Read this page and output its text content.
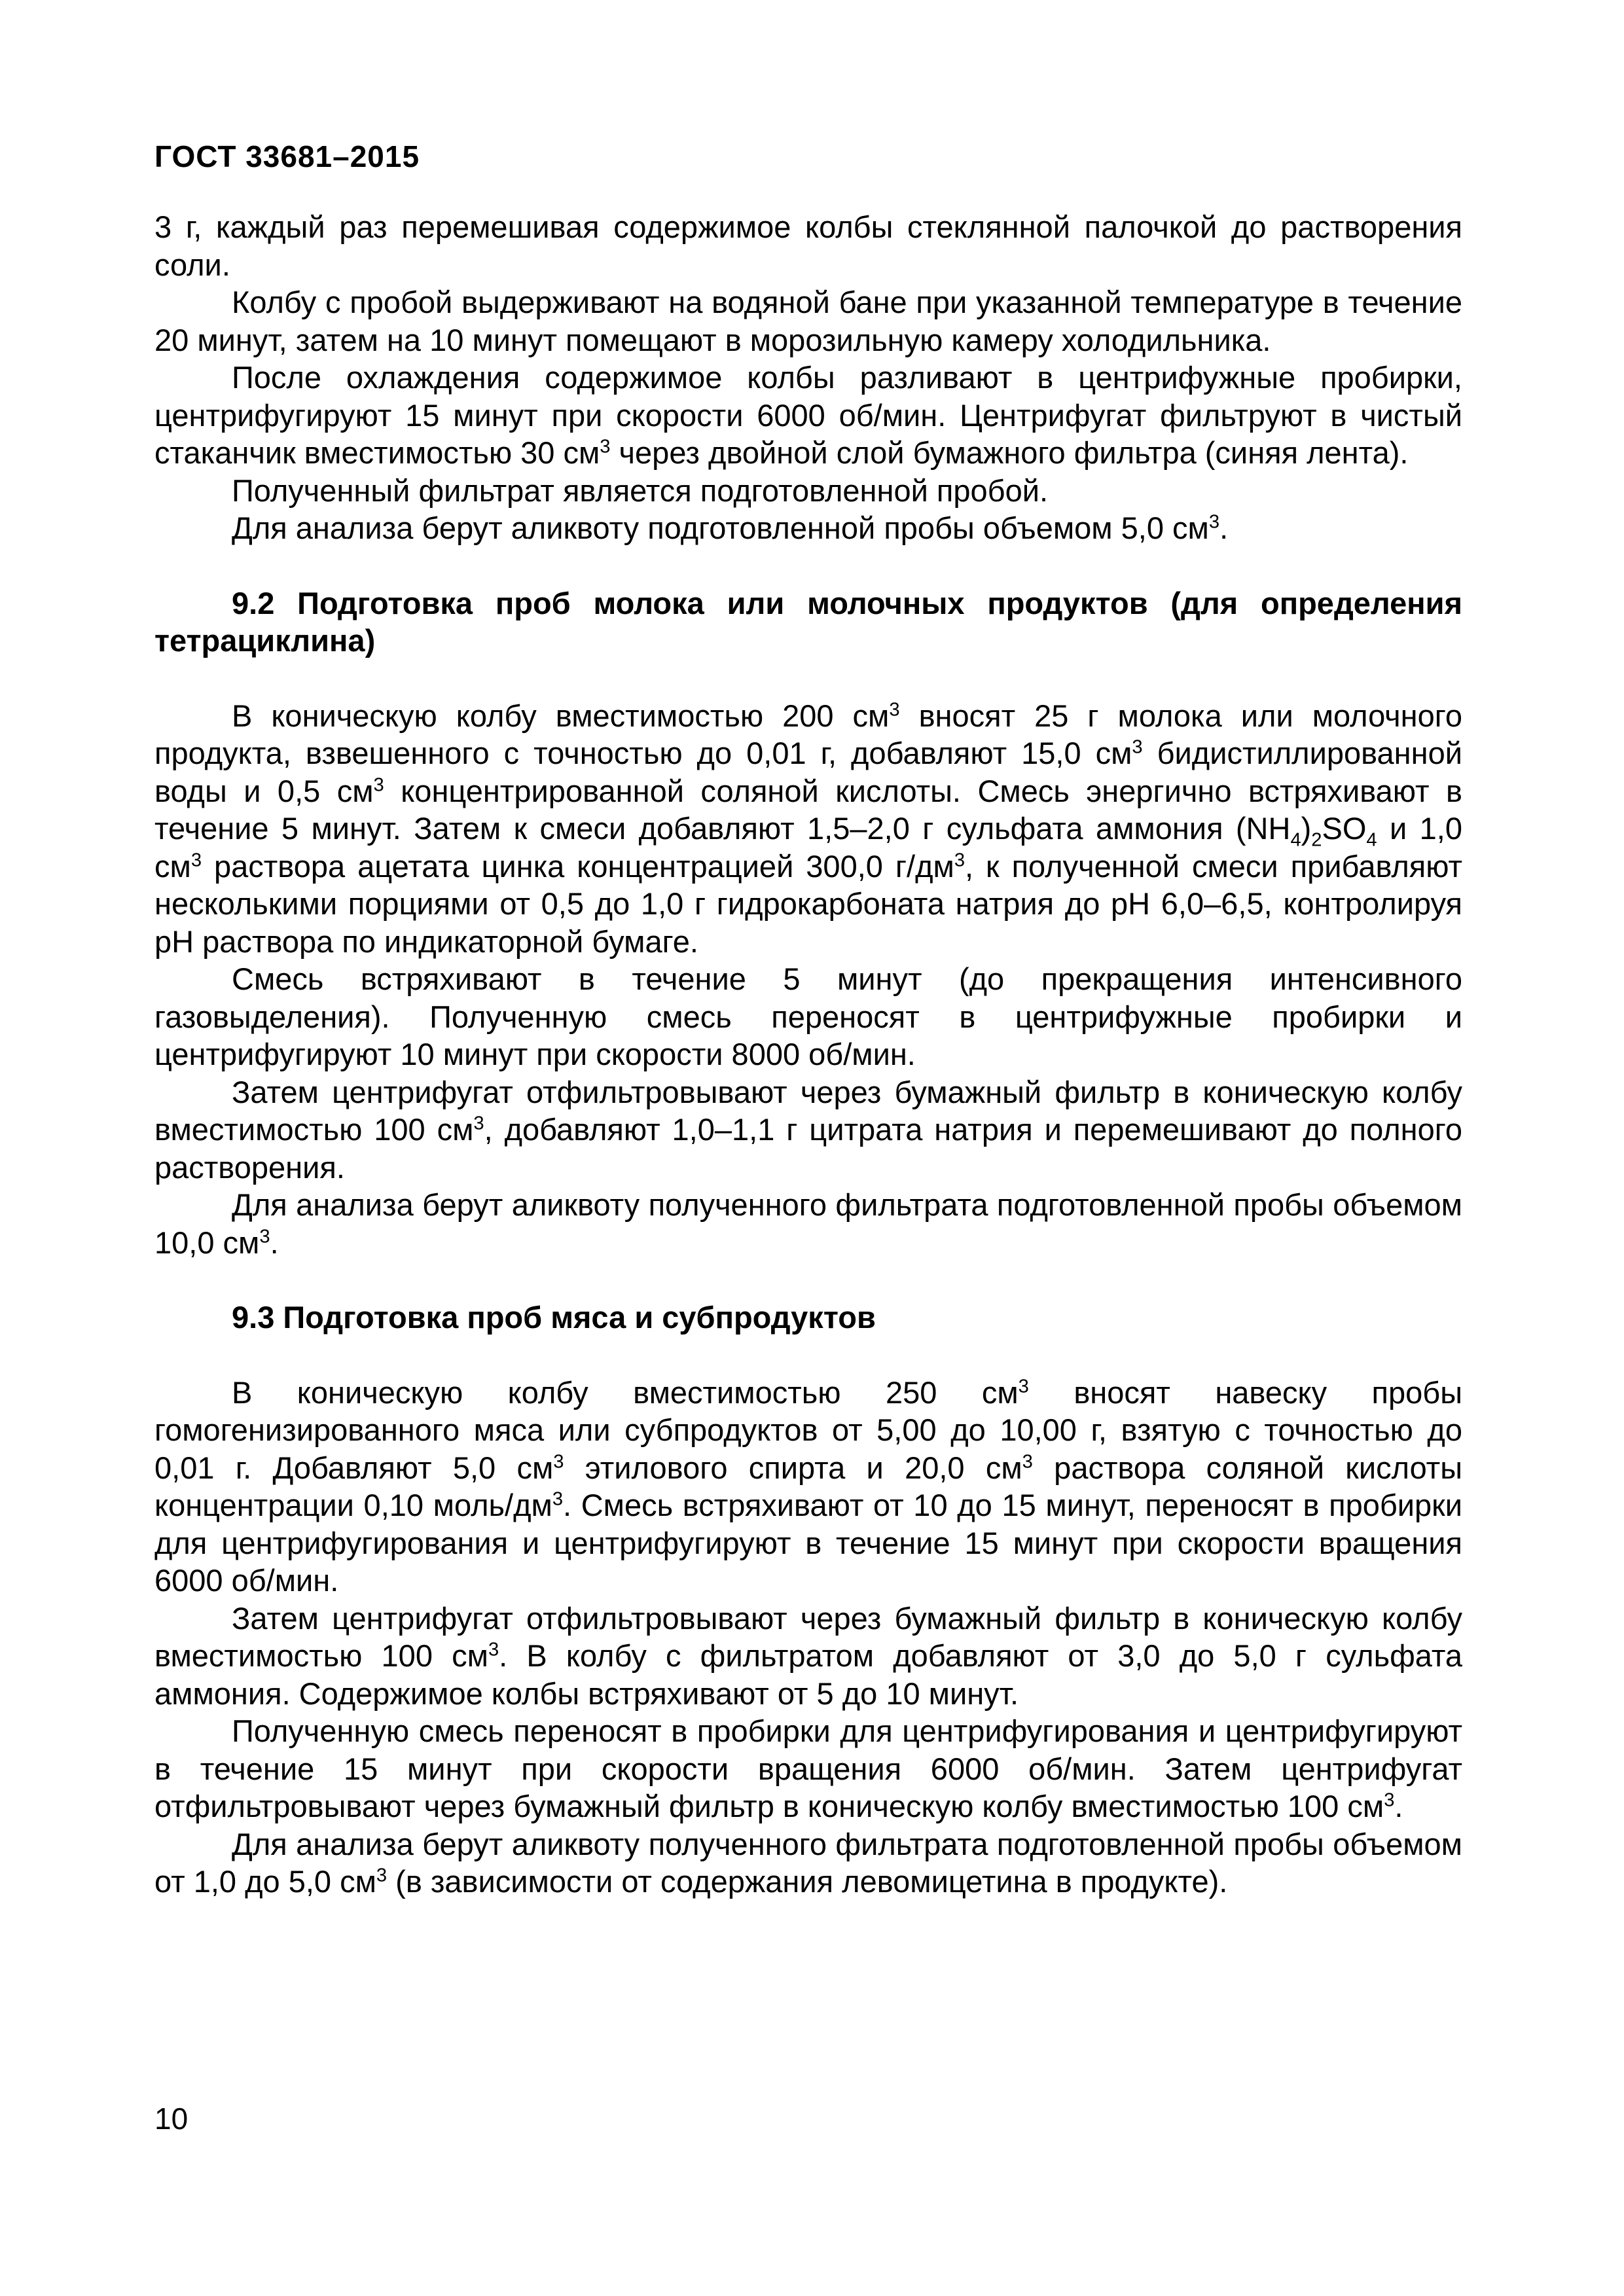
ГОСТ 33681–2015

3 г, каждый раз перемешивая содержимое колбы стеклянной палочкой до растворения соли.

Колбу с пробой выдерживают на водяной бане при указанной температуре в течение 20 минут, затем на 10 минут помещают в морозильную камеру холодильника.

После охлаждения содержимое колбы разливают в центрифужные пробирки, центрифугируют 15 минут при скорости 6000 об/мин. Центрифугат фильтруют в чистый стаканчик вместимостью 30 $см^3$ через двойной слой бумажного фильтра (синяя лента).

Полученный фильтрат является подготовленной пробой.

Для анализа берут аликвоту подготовленной пробы объемом 5,0 $см^3$.

9.2 Подготовка проб молока или молочных продуктов (для определения тетрациклина)

В коническую колбу вместимостью 200 $см^3$ вносят 25 г молока или молочного продукта, взвешенного с точностью до 0,01 г, добавляют 15,0 $см^3$ бидистиллированной воды и 0,5 $см^3$ концентрированной соляной кислоты. Смесь энергично встряхивают в течение 5 минут. Затем к смеси добавляют 1,5–2,0 г сульфата аммония $(NH_4)_2SO_4$ и 1,0 $см^3$ раствора ацетата цинка концентрацией 300,0 $г/дм^3$, к полученной смеси прибавляют несколькими порциями от 0,5 до 1,0 г гидрокарбоната натрия до pH 6,0–6,5, контролируя pH раствора по индикаторной бумаге.

Смесь встряхивают в течение 5 минут (до прекращения интенсивного газовыделения). Полученную смесь переносят в центрифужные пробирки и центрифугируют 10 минут при скорости 8000 об/мин.

Затем центрифугат отфильтровывают через бумажный фильтр в коническую колбу вместимостью 100 $см^3$, добавляют 1,0–1,1 г цитрата натрия и перемешивают до полного растворения.

Для анализа берут аликвоту полученного фильтрата подготовленной пробы объемом 10,0 $см^3$.

9.3 Подготовка проб мяса и субпродуктов

В коническую колбу вместимостью 250 $см^3$ вносят навеску пробы гомогенизированного мяса или субпродуктов от 5,00 до 10,00 г, взятую с точностью до 0,01 г. Добавляют 5,0 $см^3$ этилового спирта и 20,0 $см^3$ раствора соляной кислоты концентрации 0,10 моль/$дм^3$. Смесь встряхивают от 10 до 15 минут, переносят в пробирки для центрифугирования и центрифугируют в течение 15 минут при скорости вращения 6000 об/мин.

Затем центрифугат отфильтровывают через бумажный фильтр в коническую колбу вместимостью 100 $см^3$. В колбу с фильтратом добавляют от 3,0 до 5,0 г сульфата аммония. Содержимое колбы встряхивают от 5 до 10 минут.

Полученную смесь переносят в пробирки для центрифугирования и центрифугируют в течение 15 минут при скорости вращения 6000 об/мин. Затем центрифугат отфильтровывают через бумажный фильтр в коническую колбу вместимостью 100 $см^3$.

Для анализа берут аликвоту полученного фильтрата подготовленной пробы объемом от 1,0 до 5,0 $см^3$ (в зависимости от содержания левомицетина в продукте).

10
